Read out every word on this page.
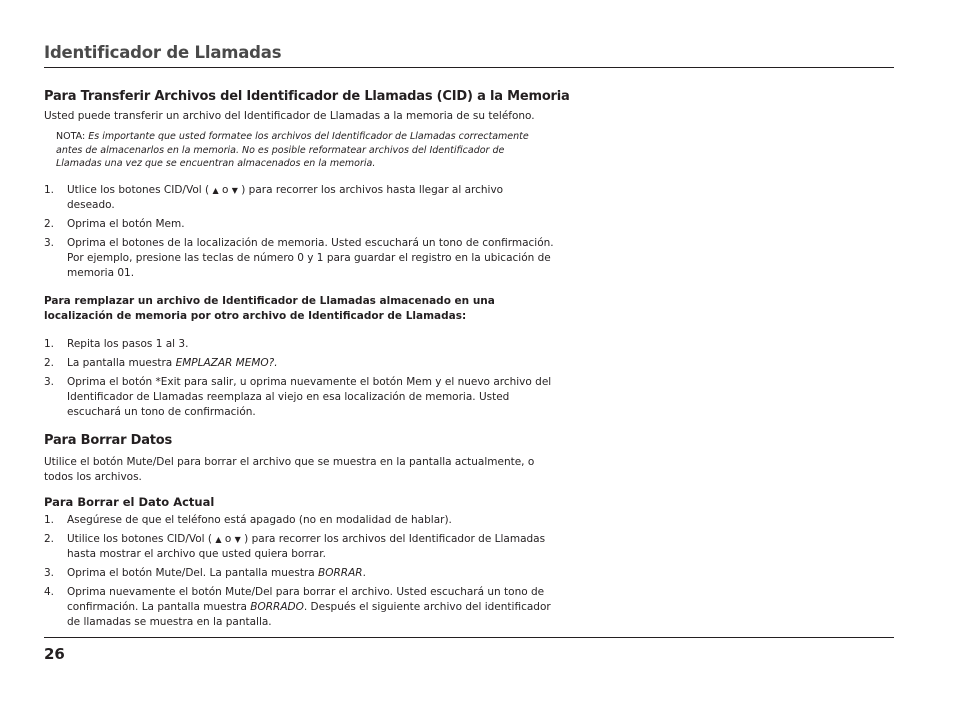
Identificador de Llamadas
Para Transferir Archivos del Identificador de Llamadas (CID) a la Memoria

Usted puede transferir un archivo del Identificador de Llamadas a la memoria de su teléfono.

NOTA: Es importante que usted formatee los archivos del Identificador de Llamadas correctamente antes de almacenarlos en la memoria. No es posible reformatear archivos del Identificador de Llamadas una vez que se encuentran almacenados en la memoria.

1. Utlice los botones CID/Vol ( ▲ o ▼ ) para recorrer los archivos hasta llegar al archivo deseado.
2. Oprima el botón Mem.
3. Oprima el botones de la localización de memoria. Usted escuchará un tono de confirmación. Por ejemplo, presione las teclas de número 0 y 1 para guardar el registro en la ubicación de memoria 01.

Para remplazar un archivo de Identificador de Llamadas almacenado en una localización de memoria por otro archivo de Identificador de Llamadas:

1. Repita los pasos 1 al 3.
2. La pantalla muestra EMPLAZAR MEMO?.
3. Oprima el botón *Exit para salir, u oprima nuevamente el botón Mem y el nuevo archivo del Identificador de Llamadas reemplaza al viejo en esa localización de memoria. Usted escuchará un tono de confirmación.
Para Borrar Datos

Utilice el botón Mute/Del para borrar el archivo que se muestra en la pantalla actualmente, o todos los archivos.

Para Borrar el Dato Actual
1. Asegúrese de que el teléfono está apagado (no en modalidad de hablar).
2. Utilice los botones CID/Vol ( ▲ o ▼ ) para recorrer los archivos del Identificador de Llamadas hasta mostrar el archivo que usted quiera borrar.
3. Oprima el botón Mute/Del. La pantalla muestra BORRAR.
4. Oprima nuevamente el botón Mute/Del para borrar el archivo. Usted escuchará un tono de confirmación. La pantalla muestra BORRADO. Después el siguiente archivo del identificador de llamadas se muestra en la pantalla.
26
